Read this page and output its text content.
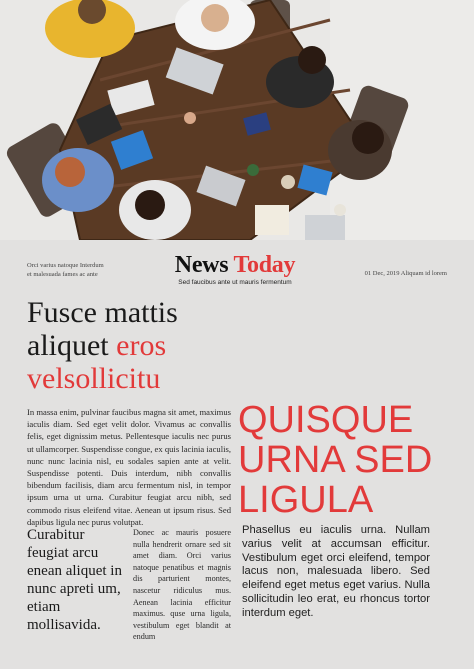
Orci varius natoque Interdum et malesuada fames ac ante	News Today
Sed faucibus ante ut mauris fermentum
01 Dec, 2019 Aliquam id lorem
Fusce mattis aliquet eros velsollicitu
In massa enim, pulvinar faucibus magna sit amet, maximus iaculis diam. Sed eget velit dolor. Vivamus ac convallis felis, eget dignissim metus. Pellentesque iaculis nec purus ut ullamcorper. Suspendisse congue, ex quis lacinia iaculis, nunc nunc lacinia nisl, eu sodales sapien ante at velit. Suspendisse potenti. Duis interdum, nibh convallis bibendum facilisis, diam arcu fermentum nisl, in tempor ipsum urna ut urna. Curabitur feugiat arcu nibh, sed commodo risus eleifend vitae. Aenean ut ipsum risus. Sed dapibus ligula nec purus volutpat.
QUISQUE URNA SED LIGULA
Curabitur feugiat arcu enean aliquet in nunc apreti um, etiam mollisavida.
Donec ac mauris posuere nulla hendrerit ornare sed sit amet diam. Orci varius natoque penatibus et magnis dis parturient montes, nascetur ridiculus mus. Aenean lacinia efficitur maximus. quse urna ligula, vestibulum eget blandit at endum
Phasellus eu iaculis urna. Nullam varius velit at accumsan efficitur. Vestibulum eget orci eleifend, tempor lacus non, malesuada libero. Sed eleifend eget metus eget varius. Nulla sollicitudin leo erat, eu rhoncus tortor interdum eget.
